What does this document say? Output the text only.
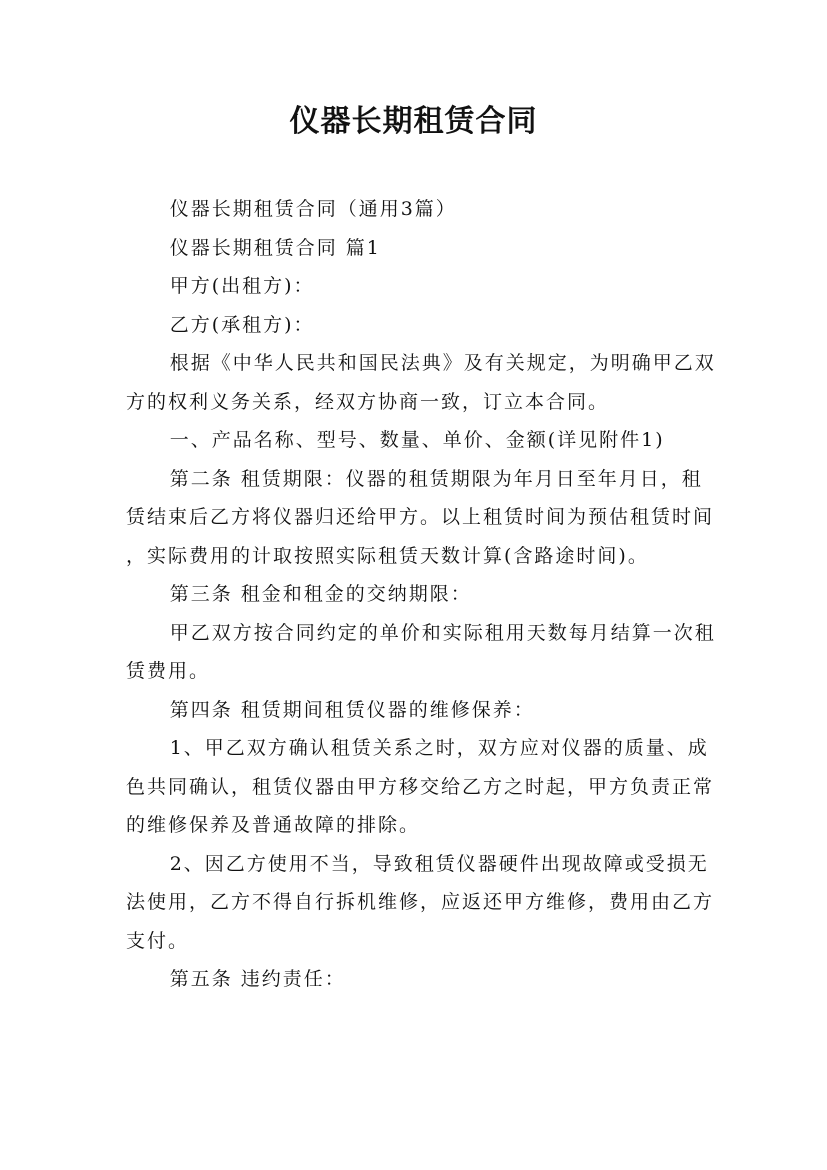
仪器长期租赁合同

仪器长期租赁合同（通用3篇）

仪器长期租赁合同 篇1

甲方(出租方)：

乙方(承租方)：

根据《中华人民共和国民法典》及有关规定，为明确甲乙双方的权利义务关系，经双方协商一致，订立本合同。

一、产品名称、型号、数量、单价、金额(详见附件1)

第二条 租赁期限：仪器的租赁期限为年月日至年月日，租赁结束后乙方将仪器归还给甲方。以上租赁时间为预估租赁时间，实际费用的计取按照实际租赁天数计算(含路途时间)。

第三条 租金和租金的交纳期限：

甲乙双方按合同约定的单价和实际租用天数每月结算一次租赁费用。

第四条 租赁期间租赁仪器的维修保养：

1、甲乙双方确认租赁关系之时，双方应对仪器的质量、成色共同确认，租赁仪器由甲方移交给乙方之时起，甲方负责正常的维修保养及普通故障的排除。

2、因乙方使用不当，导致租赁仪器硬件出现故障或受损无法使用，乙方不得自行拆机维修，应返还甲方维修，费用由乙方支付。

第五条 违约责任：
